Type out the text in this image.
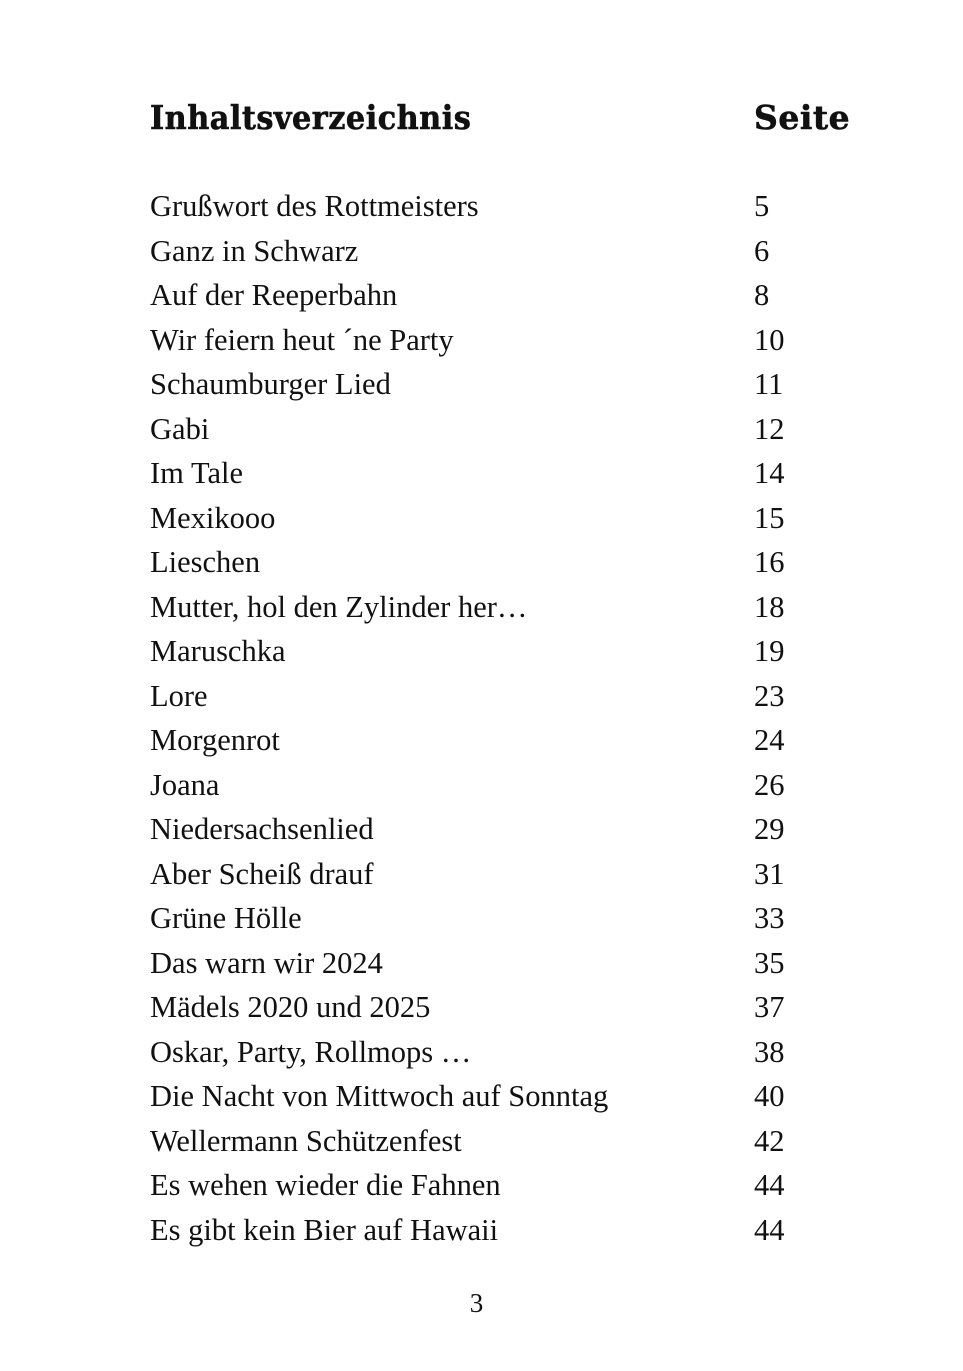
Inhaltsverzeichnis	Seite
Grußwort des Rottmeisters	5
Ganz in Schwarz	6
Auf der Reeperbahn	8
Wir feiern heut ´ne Party	10
Schaumburger Lied	11
Gabi	12
Im Tale	14
Mexikooo	15
Lieschen	16
Mutter, hol den Zylinder her…	18
Maruschka	19
Lore	23
Morgenrot	24
Joana	26
Niedersachsenlied	29
Aber Scheiß drauf	31
Grüne Hölle	33
Das warn wir 2024	35
Mädels 2020 und 2025	37
Oskar, Party, Rollmops …	38
Die Nacht von Mittwoch auf Sonntag	40
Wellermann Schützenfest	42
Es wehen wieder die Fahnen	44
Es gibt kein Bier auf Hawaii	44
3
